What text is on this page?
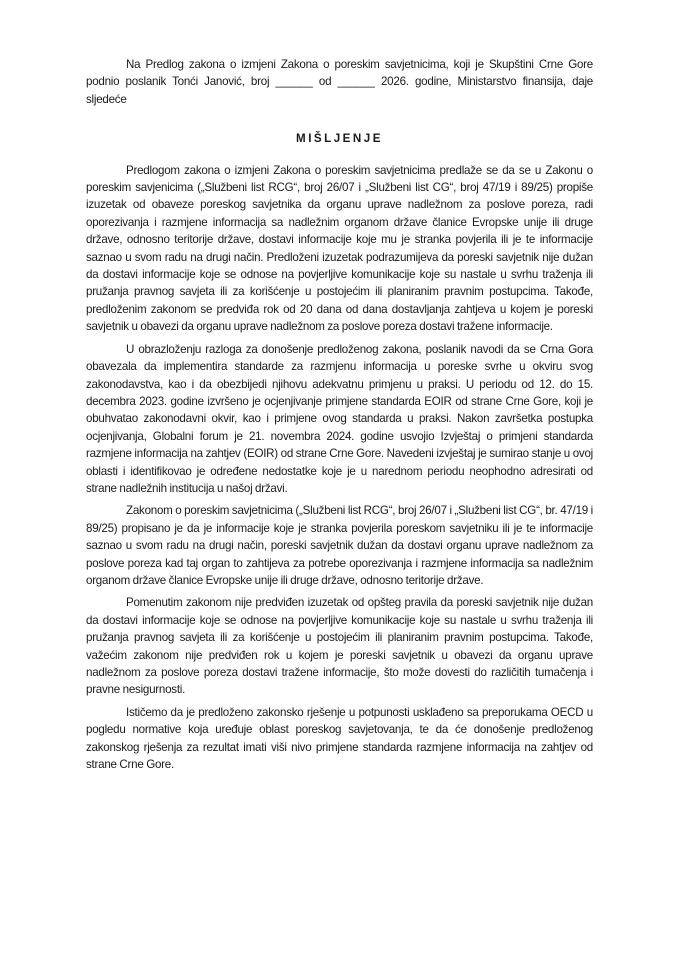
Na Predlog zakona o izmjeni Zakona o poreskim savjetnicima, koji je Skupštini Crne Gore podnio poslanik Tonći Janović, broj ______ od ______ 2026. godine, Ministarstvo finansija, daje sljedeće

MIŠLJENJE

Predlogom zakona o izmjeni Zakona o poreskim savjetnicima predlaže se da se u Zakonu o poreskim savjenicima („Službeni list RCG“, broj 26/07 i „Službeni list CG“, broj 47/19 i 89/25) propiše izuzetak od obaveze poreskog savjetnika da organu uprave nadležnom za poslove poreza, radi oporezivanja i razmjene informacija sa nadležnim organom države članice Evropske unije ili druge države, odnosno teritorije države, dostavi informacije koje mu je stranka povjerila ili je te informacije saznao u svom radu na drugi način. Predloženi izuzetak podrazumijeva da poreski savjetnik nije dužan da dostavi informacije koje se odnose na povjerljive komunikacije koje su nastale u svrhu traženja ili pružanja pravnog savjeta ili za korišćenje u postojećim ili planiranim pravnim postupcima. Takođe, predloženim zakonom se predviđa rok od 20 dana od dana dostavljanja zahtjeva u kojem je poreski savjetnik u obavezi da organu uprave nadležnom za poslove poreza dostavi tražene informacije.

U obrazloženju razloga za donošenje predloženog zakona, poslanik navodi da se Crna Gora obavezala da implementira standarde za razmjenu informacija u poreske svrhe u okviru svog zakonodavstva, kao i da obezbijedi njihovu adekvatnu primjenu u praksi. U periodu od 12. do 15. decembra 2023. godine izvršeno je ocjenjivanje primjene standarda EOIR od strane Crne Gore, koji je obuhvatao zakonodavni okvir, kao i primjene ovog standarda u praksi. Nakon završetka postupka ocjenjivanja, Globalni forum je 21. novembra 2024. godine usvojio Izvještaj o primjeni standarda razmjene informacija na zahtjev (EOIR) od strane Crne Gore. Navedeni izvještaj je sumirao stanje u ovoj oblasti i identifikovao je određene nedostatke koje je u narednom periodu neophodno adresirati od strane nadležnih institucija u našoj državi.

Zakonom o poreskim savjetnicima („Službeni list RCG“, broj 26/07 i „Službeni list CG“, br. 47/19 i 89/25) propisano je da je informacije koje je stranka povjerila poreskom savjetniku ili je te informacije saznao u svom radu na drugi način, poreski savjetnik dužan da dostavi organu uprave nadležnom za poslove poreza kad taj organ to zahtijeva za potrebe oporezivanja i razmjene informacija sa nadležnim organom države članice Evropske unije ili druge države, odnosno teritorije države.

Pomenutim zakonom nije predviđen izuzetak od opšteg pravila da poreski savjetnik nije dužan da dostavi informacije koje se odnose na povjerljive komunikacije koje su nastale u svrhu traženja ili pružanja pravnog savjeta ili za korišćenje u postojećim ili planiranim pravnim postupcima. Takođe, važećim zakonom nije predviđen rok u kojem je poreski savjetnik u obavezi da organu uprave nadležnom za poslove poreza dostavi tražene informacije, što može dovesti do različitih tumačenja i pravne nesigurnosti.

Ističemo da je predloženo zakonsko rješenje u potpunosti usklađeno sa preporukama OECD u pogledu normative koja uređuje oblast poreskog savjetovanja, te da će donošenje predloženog zakonskog rješenja za rezultat imati viši nivo primjene standarda razmjene informacija na zahtjev od strane Crne Gore.
